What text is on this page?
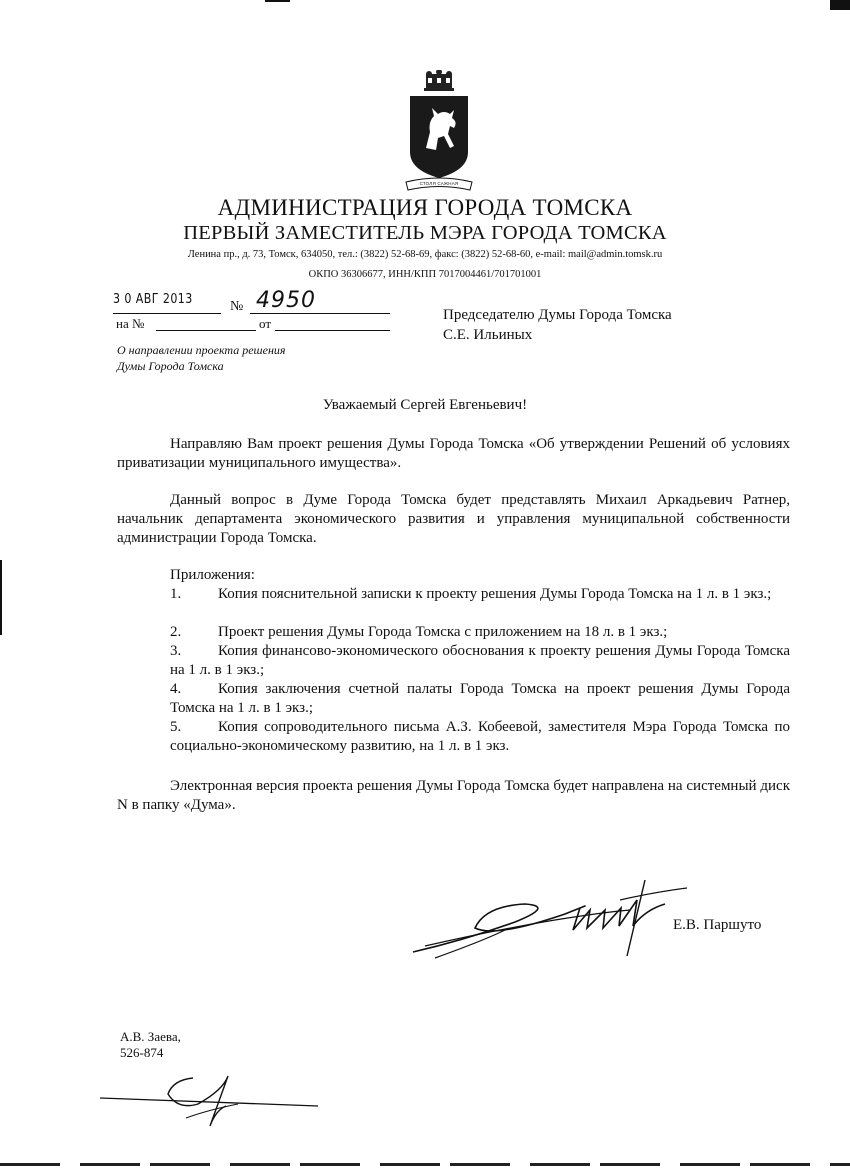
СТОЛЯ САЖНАЯ
АДМИНИСТРАЦИЯ ГОРОДА ТОМСКА
ПЕРВЫЙ ЗАМЕСТИТЕЛЬ МЭРА ГОРОДА ТОМСКА
Ленина пр., д. 73, Томск, 634050, тел.: (3822) 52-68-69, факс: (3822) 52-68-60, e-mail: mail@admin.tomsk.ru
ОКПО 36306677, ИНН/КПП 7017004461/701701001
3 0 АВГ 2013	№ 4950
на №	от
Председателю Думы Города Томска
С.Е. Ильиных
О направлении проекта решения
Думы Города Томска
Уважаемый Сергей Евгеньевич!
Направляю Вам проект решения Думы Города Томска «Об утверждении Решений об условиях приватизации муниципального имущества».
Данный вопрос в Думе Города Томска будет представлять Михаил Аркадьевич Ратнер, начальник департамента экономического развития и управления муниципальной собственности администрации Города Томска.
Приложения:
1. Копия пояснительной записки к проекту решения Думы Города Томска на 1 л. в 1 экз.;
2. Проект решения Думы Города Томска с приложением на 18 л. в 1 экз.;
3. Копия финансово-экономического обоснования к проекту решения Думы Города Томска на 1 л. в 1 экз.;
4. Копия заключения счетной палаты Города Томска на проект решения Думы Города Томска на 1 л. в 1 экз.;
5. Копия сопроводительного письма А.З. Кобеевой, заместителя Мэра Города Томска по социально-экономическому развитию, на 1 л. в 1 экз.
Электронная версия проекта решения Думы Города Томска будет направлена на системный диск N в папку «Дума».
Е.В. Паршуто
А.В. Заева,
526-874
